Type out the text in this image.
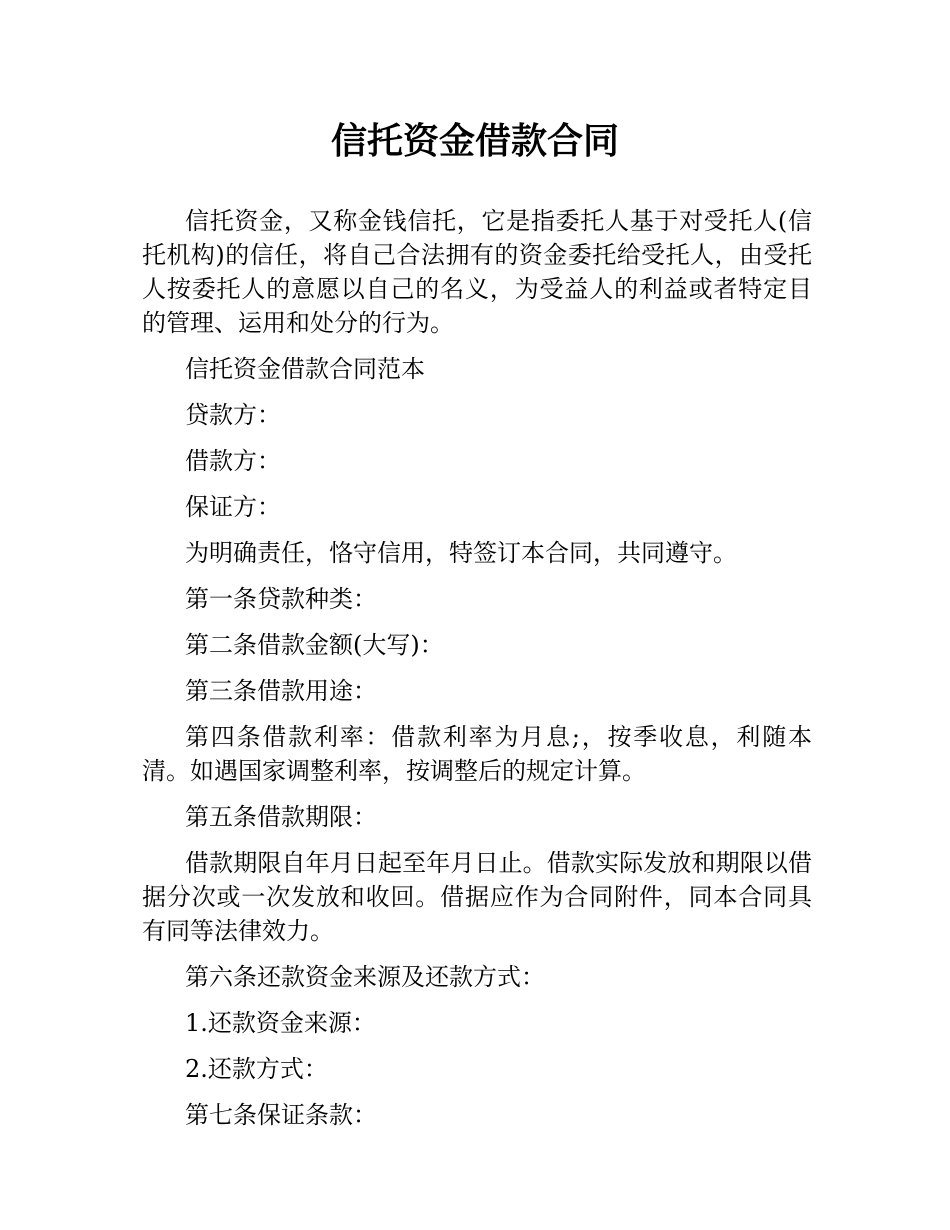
信托资金借款合同

信托资金，又称金钱信托，它是指委托人基于对受托人(信托机构)的信任，将自己合法拥有的资金委托给受托人，由受托人按委托人的意愿以自己的名义，为受益人的利益或者特定目的管理、运用和处分的行为。

信托资金借款合同范本

贷款方：

借款方：

保证方：

为明确责任，恪守信用，特签订本合同，共同遵守。

第一条贷款种类：

第二条借款金额(大写)：

第三条借款用途：

第四条借款利率：借款利率为月息;，按季收息，利随本清。如遇国家调整利率，按调整后的规定计算。

第五条借款期限：

借款期限自年月日起至年月日止。借款实际发放和期限以借据分次或一次发放和收回。借据应作为合同附件，同本合同具有同等法律效力。

第六条还款资金来源及还款方式：

1.还款资金来源：

2.还款方式：

第七条保证条款：
